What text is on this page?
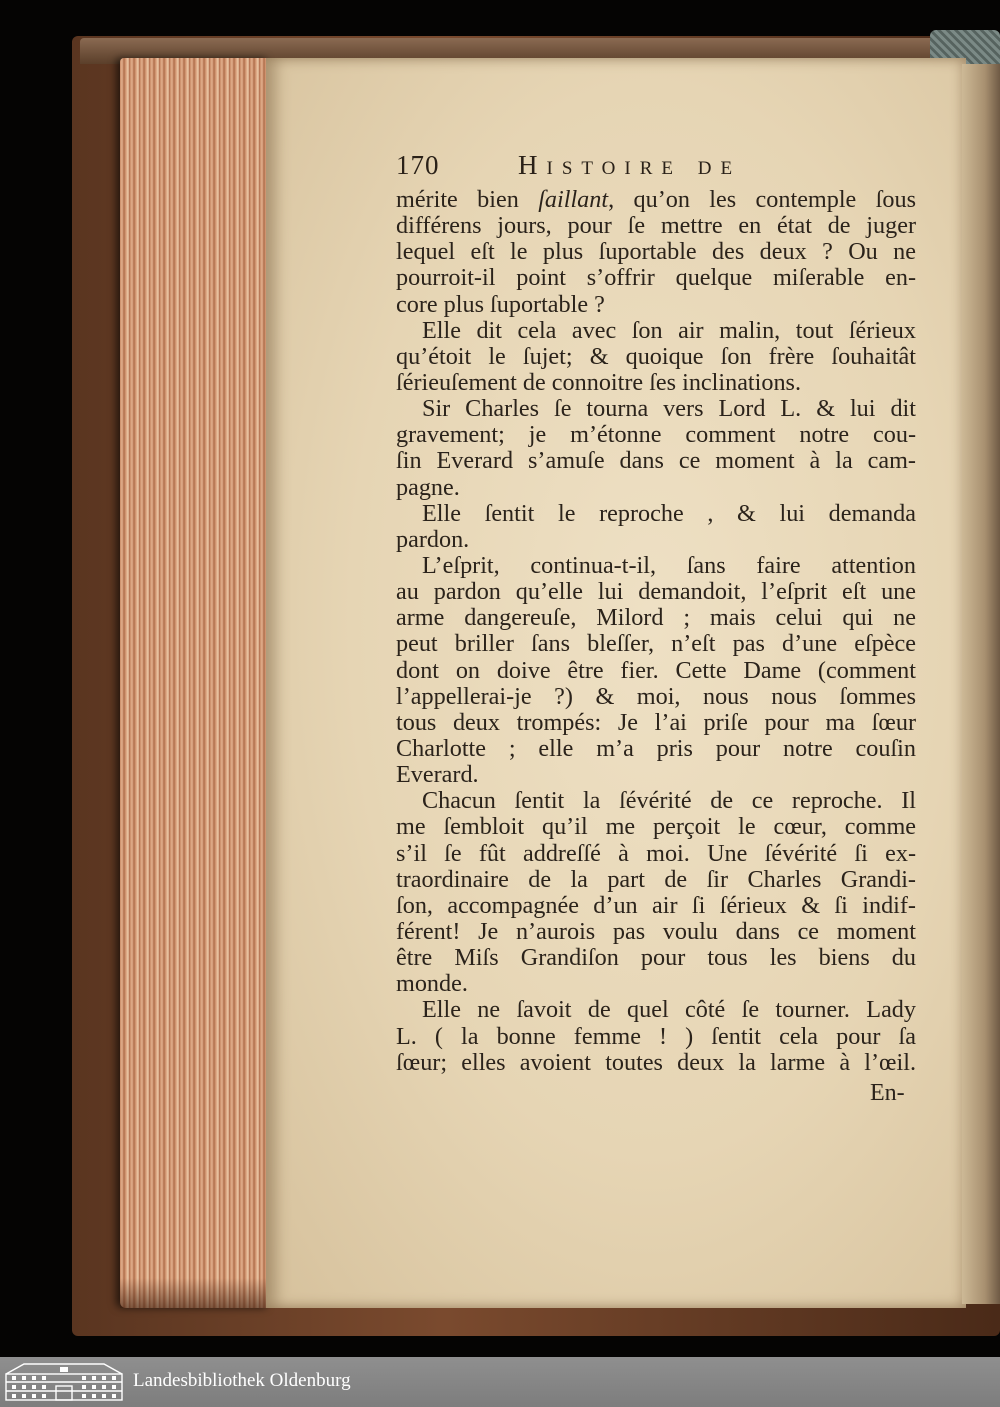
170	Histoire de
mérite bien ſaillant, qu’on les contemple ſous
différens jours, pour ſe mettre en état de juger
lequel eſt le plus ſuportable des deux ? Ou ne
pourroit-il point s’offrir quelque miſerable en-
core plus ſuportable ?
Elle dit cela avec ſon air malin, tout ſérieux
qu’étoit le ſujet; & quoique ſon frère ſouhaitât
ſérieuſement de connoitre ſes inclinations.
Sir Charles ſe tourna vers Lord L. & lui dit
gravement; je m’étonne comment notre cou-
ſin Everard s’amuſe dans ce moment à la cam-
pagne.
Elle ſentit le reproche , & lui demanda
pardon.
L’eſprit, continua-t-il, ſans faire attention
au pardon qu’elle lui demandoit, l’eſprit eſt une
arme dangereuſe, Milord ; mais celui qui ne
peut briller ſans bleſſer, n’eſt pas d’une eſpèce
dont on doive être fier. Cette Dame (comment
l’appellerai-je ?) & moi, nous nous ſommes
tous deux trompés: Je l’ai priſe pour ma ſœur
Charlotte ; elle m’a pris pour notre couſin
Everard.
Chacun ſentit la ſévérité de ce reproche. Il
me ſembloit qu’il me perçoit le cœur, comme
s’il ſe fût addreſſé à moi. Une ſévérité ſi ex-
traordinaire de la part de ſir Charles Grandi-
ſon, accompagnée d’un air ſi ſérieux & ſi indif-
férent! Je n’aurois pas voulu dans ce moment
être Miſs Grandiſon pour tous les biens du
monde.
Elle ne ſavoit de quel côté ſe tourner. Lady
L. ( la bonne femme ! ) ſentit cela pour ſa
ſœur; elles avoient toutes deux la larme à l’œil.
En-
Landesbibliothek Oldenburg
